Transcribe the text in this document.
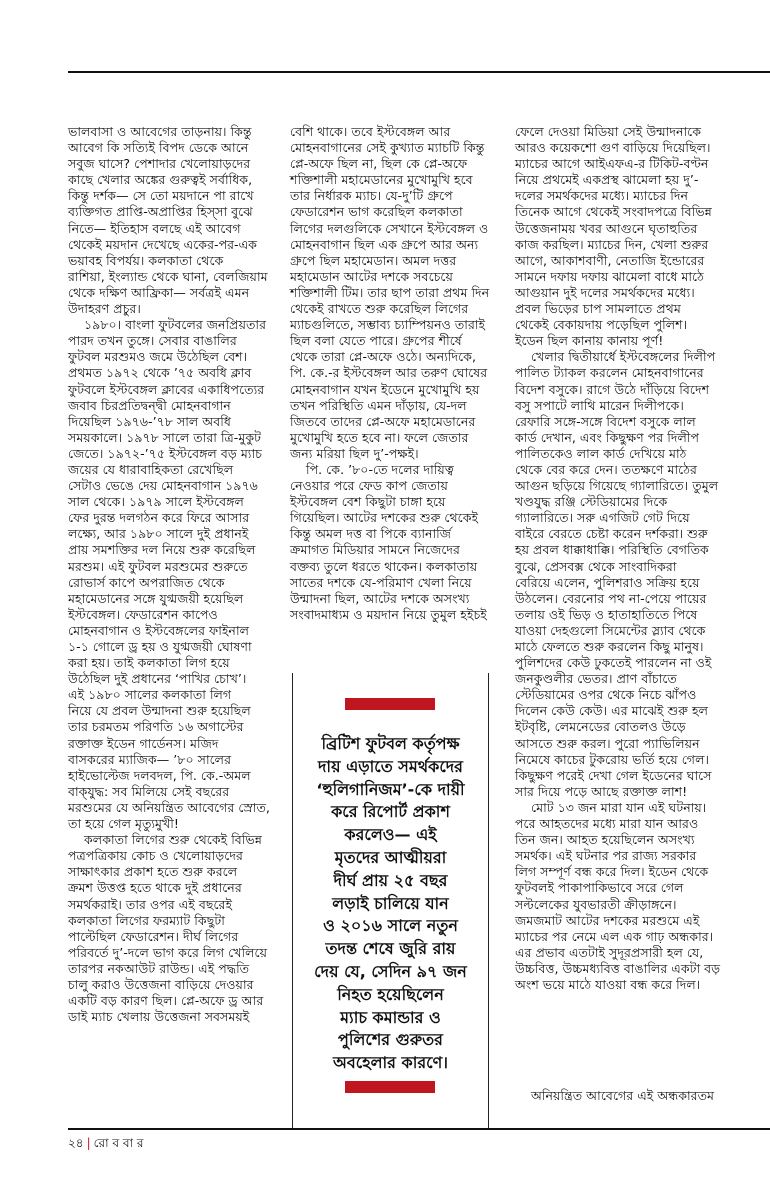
ভালবাসা ও আবেগের তাড়নায়। কিন্তু
আবেগ কি সত্যিই বিপদ ডেকে আনে
সবুজ ঘাসে? পেশাদার খেলোয়াড়দের
কাছে খেলার অঙ্কের গুরুত্বই সর্বাধিক,
কিন্তু দর্শক— সে তো ময়দানে পা রাখে
ব্যক্তিগত প্রাপ্তি-অপ্রাপ্তির হিস্‌সা বুঝে
নিতে— ইতিহাস বলছে এই আবেগ
থেকেই ময়দান দেখেছে একের-পর-এক
ভয়াবহ বিপর্যয়। কলকাতা থেকে
রাশিয়া, ইংল্যান্ড থেকে ঘানা, বেলজিয়াম
থেকে দক্ষিণ আফ্রিকা— সর্বত্রই এমন
উদাহরণ প্রচুর।
১৯৮০। বাংলা ফুটবলের জনপ্রিয়তার
পারদ তখন তুঙ্গে। সেবার বাঙালির
ফুটবল মরশুমও জমে উঠেছিল বেশ।
প্রথমত ১৯৭২ থেকে ’৭৫ অবধি ক্লাব
ফুটবলে ইস্টবেঙ্গল ক্লাবের একাধিপত্যের
জবাব চিরপ্রতিদ্বন্দ্বী মোহনবাগান
দিয়েছিল ১৯৭৬-’৭৮ সাল অবধি
সময়কালে। ১৯৭৮ সালে তারা ত্রি-মুকুট
জেতে। ১৯৭২-’৭৫ ইস্টবেঙ্গল বড় ম্যাচ
জয়ের যে ধারাবাহিকতা রেখেছিল
সেটাও ভেঙে দেয় মোহনবাগান ১৯৭৬
সাল থেকে। ১৯৭৯ সালে ইস্টবেঙ্গল
ফের দুরন্ত দলগঠন করে ফিরে আসার
লক্ষ্যে, আর ১৯৮০ সালে দুই প্রধানই
প্রায় সমশক্তির দল নিয়ে শুরু করেছিল
মরশুম। এই ফুটবল মরশুমের শুরুতে
রোভার্স কাপে অপরাজিত থেকে
মহামেডানের সঙ্গে যুগ্মজয়ী হয়েছিল
ইস্টবেঙ্গল। ফেডারেশন কাপেও
মোহনবাগান ও ইস্টবেঙ্গলের ফাইনাল
১-১ গোলে ড্র হয় ও যুগ্মজয়ী ঘোষণা
করা হয়। তাই কলকাতা লিগ হয়ে
উঠেছিল দুই প্রধানের ‘পাখির চোখ’।
এই ১৯৮০ সালের কলকাতা লিগ
নিয়ে যে প্রবল উন্মাদনা শুরু হয়েছিল
তার চরমতম পরিণতি ১৬ অগাস্টের
রক্তাক্ত ইডেন গার্ডেনস। মজিদ
বাসকরের ম্যাজিক— ’৮০ সালের
হাইভোল্টেজ দলবদল, পি. কে.-অমল
বাক্‌যুদ্ধ: সব মিলিয়ে সেই বছরের
মরশুমের যে অনিয়ন্ত্রিত আবেগের স্রোত,
তা হয়ে গেল মৃত্যুমুখী!
কলকাতা লিগের শুরু থেকেই বিভিন্ন
পত্রপত্রিকায় কোচ ও খেলোয়াড়দের
সাক্ষাৎকার প্রকাশ হতে শুরু করলে
ক্রমশ উত্তপ্ত হতে থাকে দুই প্রধানের
সমর্থকরাই। তার ওপর এই বছরেই
কলকাতা লিগের ফরম্যাট কিছুটা
পাল্টেছিল ফেডারেশন। দীর্ঘ লিগের
পরিবর্তে দু’-দলে ভাগ করে লিগ খেলিয়ে
তারপর নকআউট রাউন্ড। এই পদ্ধতি
চালু করাও উত্তেজনা বাড়িয়ে দেওয়ার
একটি বড় কারণ ছিল। প্লে-অফে ড্র আর
ডাই ম্যাচ খেলায় উত্তেজনা সবসময়ই
বেশি থাকে। তবে ইস্টবেঙ্গল আর
মোহনবাগানের সেই কুখ্যাত ম্যাচটি কিন্তু
প্লে-অফে ছিল না, ছিল কে প্লে-অফে
শক্তিশালী মহামেডানের মুখোমুখি হবে
তার নির্ধারক ম্যাচ। যে-দু’টি গ্রুপে
ফেডারেশন ভাগ করেছিল কলকাতা
লিগের দলগুলিকে সেখানে ইস্টবেঙ্গল ও
মোহনবাগান ছিল এক গ্রুপে আর অন্য
গ্রুপে ছিল মহামেডান। অমল দত্তর
মহামেডান আটের দশকে সবচেয়ে
শক্তিশালী টিম। তার ছাপ তারা প্রথম দিন
থেকেই রাখতে শুরু করেছিল লিগের
ম্যাচগুলিতে, সম্ভাব্য চ্যাম্পিয়নও তারাই
ছিল বলা যেতে পারে। গ্রুপের শীর্ষে
থেকে তারা প্লে-অফে ওঠে। অন্যদিকে,
পি. কে.-র ইস্টবেঙ্গল আর তরুণ ঘোষের
মোহনবাগান যখন ইডেনে মুখোমুখি হয়
তখন পরিস্থিতি এমন দাঁড়ায়, যে-দল
জিতবে তাদের প্লে-অফে মহামেডানের
মুখোমুখি হতে হবে না। ফলে জেতার
জন্য মরিয়া ছিল দু’-পক্ষই।
পি. কে. ’৮০-তে দলের দায়িত্ব
নেওয়ার পরে ফেড কাপ জেতায়
ইস্টবেঙ্গল বেশ কিছুটা চাঙ্গা হয়ে
গিয়েছিল। আটের দশকের শুরু থেকেই
কিন্তু অমল দত্ত বা পিকে ব্যানার্জি
ক্রমাগত মিডিয়ার সামনে নিজেদের
বক্তব্য তুলে ধরতে থাকেন। কলকাতায়
সাতের দশকে যে-পরিমাণ খেলা নিয়ে
উন্মাদনা ছিল, আটের দশকে অসংখ্য
সংবাদমাধ্যম ও ময়দান নিয়ে তুমুল হইচই
ফেলে দেওয়া মিডিয়া সেই উন্মাদনাকে
আরও কয়েকশো গুণ বাড়িয়ে দিয়েছিল।
ম্যাচের আগে আইএফএ-র টিকিট-বণ্টন
নিয়ে প্রথমেই একপ্রস্থ ঝামেলা হয় দু’-
দলের সমর্থকদের মধ্যে। ম্যাচের দিন
তিনেক আগে থেকেই সংবাদপত্রে বিভিন্ন
উত্তেজনাময় খবর আগুনে ঘৃতাহুতির
কাজ করছিল। ম্যাচের দিন, খেলা শুরুর
আগে, আকাশবাণী, নেতাজি ইন্ডোরের
সামনে দফায় দফায় ঝামেলা বাধে মাঠে
আগুয়ান দুই দলের সমর্থকদের মধ্যে।
প্রবল ভিড়ের চাপ সামলাতে প্রথম
থেকেই বেকায়দায় পড়েছিল পুলিশ।
ইডেন ছিল কানায় কানায় পূর্ণ!
খেলার দ্বিতীয়ার্ধে ইস্টবেঙ্গলের দিলীপ
পালিত ট্যাকল করলেন মোহনবাগানের
বিদেশ বসুকে। রাগে উঠে দাঁড়িয়ে বিদেশ
বসু সপাটে লাথি মারেন দিলীপকে।
রেফারি সঙ্গে-সঙ্গে বিদেশ বসুকে লাল
কার্ড দেখান, এবং কিছুক্ষণ পর দিলীপ
পালিতকেও লাল কার্ড দেখিয়ে মাঠ
থেকে বের করে দেন। ততক্ষণে মাঠের
আগুন ছড়িয়ে গিয়েছে গ্যালারিতে। তুমুল
খণ্ডযুদ্ধ রঞ্জি স্টেডিয়ামের দিকে
গ্যালারিতে। সরু এগজিট গেট দিয়ে
বাইরে বেরতে চেষ্টা করেন দর্শকরা। শুরু
হয় প্রবল ধাক্কাধাক্কি। পরিস্থিতি বেগতিক
বুঝে, প্রেসবক্স থেকে সাংবাদিকরা
বেরিয়ে এলেন, পুলিশরাও সক্রিয় হয়ে
উঠলেন। বেরনোর পথ না-পেয়ে পায়ের
তলায় ওই ভিড় ও হাতাহাতিতে পিষে
যাওয়া দেহগুলো সিমেন্টের স্ল্যাব থেকে
মাঠে ফেলতে শুরু করলেন কিছু মানুষ।
পুলিশদের কেউ ঢুকতেই পারলেন না ওই
জনকুণ্ডলীর ভেতর। প্রাণ বাঁচাতে
স্টেডিয়ামের ওপর থেকে নিচে ঝাঁপও
দিলেন কেউ কেউ। এর মাঝেই শুরু হল
ইটবৃষ্টি, লেমনেডের বোতলও উড়ে
আসতে শুরু করল। পুরো প্যাভিলিয়ন
নিমেষে কাচের টুকরোয় ভর্তি হয়ে গেল।
কিছুক্ষণ পরেই দেখা গেল ইডেনের ঘাসে
সার দিয়ে পড়ে আছে রক্তাক্ত লাশ!
মোট ১৩ জন মারা যান এই ঘটনায়।
পরে আহতদের মধ্যে মারা যান আরও
তিন জন। আহত হয়েছিলেন অসংখ্য
সমর্থক। এই ঘটনার পর রাজ্য সরকার
লিগ সম্পূর্ণ বন্ধ করে দিল। ইডেন থেকে
ফুটবলই পাকাপাকিভাবে সরে গেল
সল্টলেকের যুবভারতী ক্রীড়াঙ্গনে।
জমজমাট আটের দশকের মরশুমে এই
ম্যাচের পর নেমে এল এক গাঢ় অন্ধকার।
এর প্রভাব এতটাই সুদূরপ্রসারী হল যে,
উচ্চবিত্ত, উচ্চমধ্যবিত্ত বাঙালির একটা বড়
অংশ ভয়ে মাঠে যাওয়া বন্ধ করে দিল।
ব্রিটিশ ফুটবল কর্তৃপক্ষ
দায় এড়াতে সমর্থকদের
‘হুলিগানিজম’-কে দায়ী
করে রিপোর্ট প্রকাশ
করলেও— এই
মৃতদের আত্মীয়রা
দীর্ঘ প্রায় ২৫ বছর
লড়াই চালিয়ে যান
ও ২০১৬ সালে নতুন
তদন্ত শেষে জুরি রায়
দেয় যে, সেদিন ৯৭ জন
নিহত হয়েছিলেন
ম্যাচ কমান্ডার ও
পুলিশের গুরুতর
অবহেলার কারণে।
অনিয়ন্ত্রিত আবেগের এই অন্ধকারতম
২৪ | রো ব বা র
